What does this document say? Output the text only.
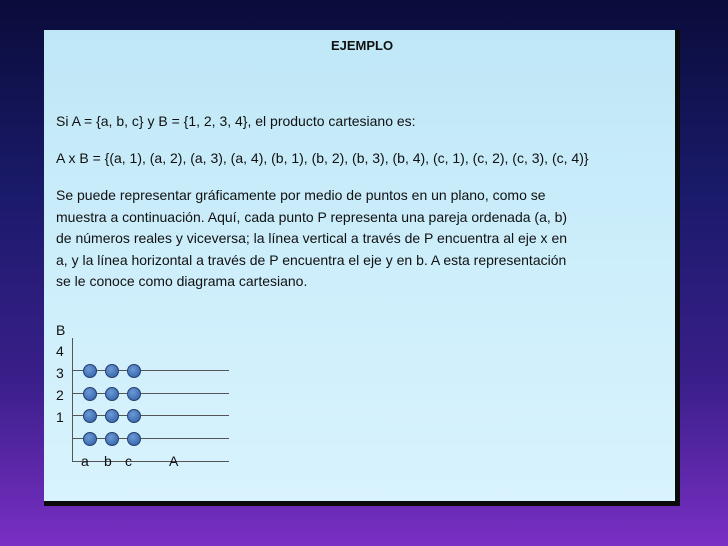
EJEMPLO
Si A = {a, b, c} y B = {1, 2, 3, 4}, el producto cartesiano es:
A x B = {(a, 1), (a, 2), (a, 3), (a, 4), (b, 1), (b, 2), (b, 3), (b, 4), (c, 1), (c, 2), (c, 3), (c, 4)}
Se puede representar gráficamente por medio de puntos en un plano, como se
muestra a continuación. Aquí, cada punto P representa una pareja ordenada (a, b)
de números reales y viceversa; la línea vertical a través de P encuentra al eje x en
a, y la línea horizontal a través de P encuentra el eje y en b. A esta representación
se le conoce como diagrama cartesiano.
B
4
3
2
1
a b c	A
